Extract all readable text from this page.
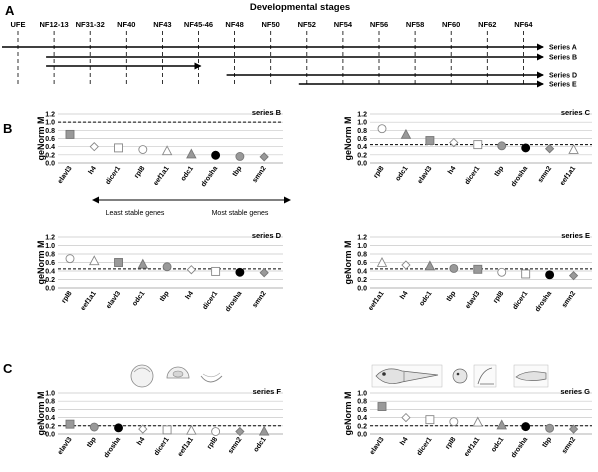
A	Developmental stages
UFE NF12-13 NF31-32 NF40 NF43 NF45-46 NF48 NF50 NF52 NF54 NF56 NF58 NF60 NF62 NF64
Series A
Series B
Series D
Series E
B
C
0.0
0.2
0.4
0.6
0.8
1.0
1.2
geNorm M
series B
elavl3 h4 dicer1 rpl8 eef1a1 odc1 drosha tbp smn2
0.0
0.2
0.4
0.6
0.8
1.0
1.2
geNorm M
series C
rpl8 odc1 elavl3 h4 dicer1 tbp drosha smn2 eef1a1
0.0
0.2
0.4
0.6
0.8
1.0
1.2
geNorm M
series D
rpl8 eef1a1 elavl3 odc1 tbp h4 dicer1 drosha smn2
0.0
0.2
0.4
0.6
0.8
1.0
1.2
geNorm M
series E
eef1a1 h4 odc1 tbp elavl3 rpl8 dicer1 drosha smn2
0.0
0.2
0.4
0.6
0.8
1.0
geNorm M	series F
elavl3 tbp drosha h4 dicer1 eef1a1 rpl8 smn2 odc1
0.0
0.2
0.4
0.6
0.8
1.0
geNorm M	series G
elavl3 h4 dicer1 rpl8 eef1a1 odc1 drosha tbp smn2
Least stable genes	Most stable genes
